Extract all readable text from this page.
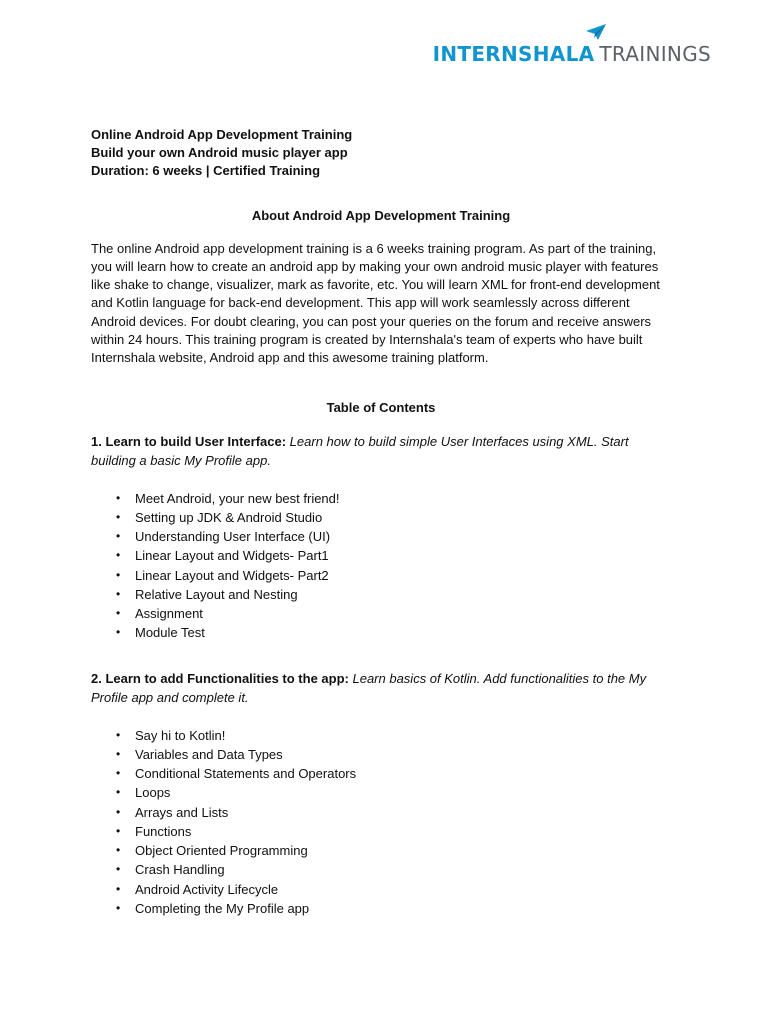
INTERNSHALA TRAININGS
Online Android App Development Training
Build your own Android music player app
Duration: 6 weeks | Certified Training
About Android App Development Training
The online Android app development training is a 6 weeks training program. As part of the training, you will learn how to create an android app by making your own android music player with features like shake to change, visualizer, mark as favorite, etc. You will learn XML for front-end development and Kotlin language for back-end development. This app will work seamlessly across different Android devices. For doubt clearing, you can post your queries on the forum and receive answers within 24 hours. This training program is created by Internshala's team of experts who have built Internshala website, Android app and this awesome training platform.
Table of Contents
1. Learn to build User Interface: Learn how to build simple User Interfaces using XML. Start building a basic My Profile app.
• Meet Android, your new best friend!
• Setting up JDK & Android Studio
• Understanding User Interface (UI)
• Linear Layout and Widgets- Part1
• Linear Layout and Widgets- Part2
• Relative Layout and Nesting
• Assignment
• Module Test
2. Learn to add Functionalities to the app: Learn basics of Kotlin. Add functionalities to the My Profile app and complete it.
• Say hi to Kotlin!
• Variables and Data Types
• Conditional Statements and Operators
• Loops
• Arrays and Lists
• Functions
• Object Oriented Programming
• Crash Handling
• Android Activity Lifecycle
• Completing the My Profile app
